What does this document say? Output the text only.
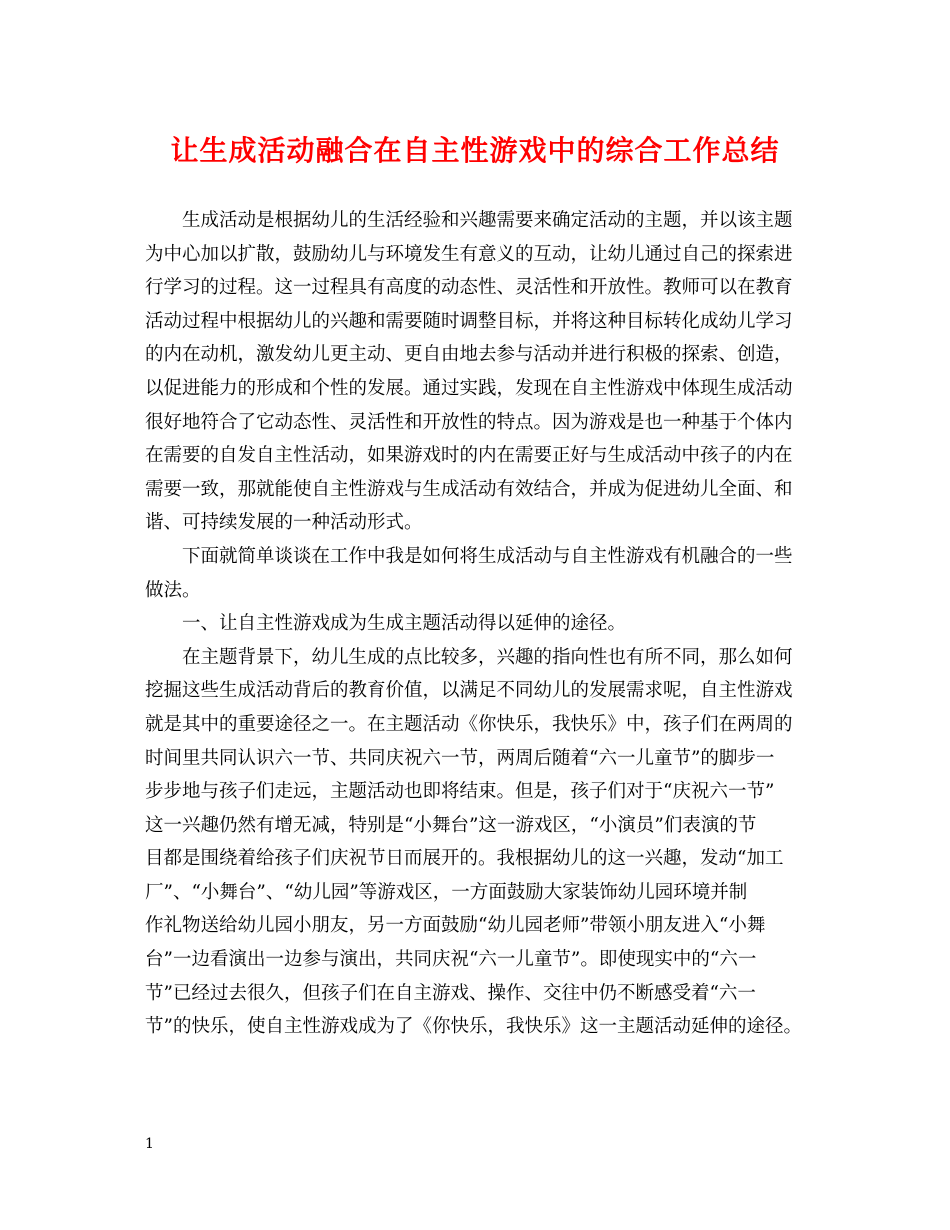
让生成活动融合在自主性游戏中的综合工作总结
生成活动是根据幼儿的生活经验和兴趣需要来确定活动的主题，并以该主题
为中心加以扩散，鼓励幼儿与环境发生有意义的互动，让幼儿通过自己的探索进
行学习的过程。这一过程具有高度的动态性、灵活性和开放性。教师可以在教育
活动过程中根据幼儿的兴趣和需要随时调整目标，并将这种目标转化成幼儿学习
的内在动机，激发幼儿更主动、更自由地去参与活动并进行积极的探索、创造，
以促进能力的形成和个性的发展。通过实践，发现在自主性游戏中体现生成活动
很好地符合了它动态性、灵活性和开放性的特点。因为游戏是也一种基于个体内
在需要的自发自主性活动，如果游戏时的内在需要正好与生成活动中孩子的内在
需要一致，那就能使自主性游戏与生成活动有效结合，并成为促进幼儿全面、和
谐、可持续发展的一种活动形式。
下面就简单谈谈在工作中我是如何将生成活动与自主性游戏有机融合的一些
做法。
一、让自主性游戏成为生成主题活动得以延伸的途径。
在主题背景下，幼儿生成的点比较多，兴趣的指向性也有所不同，那么如何
挖掘这些生成活动背后的教育价值，以满足不同幼儿的发展需求呢，自主性游戏
就是其中的重要途径之一。在主题活动《你快乐，我快乐》中，孩子们在两周的
时间里共同认识六一节、共同庆祝六一节，两周后随着“六一儿童节”的脚步一
步步地与孩子们走远，主题活动也即将结束。但是，孩子们对于“庆祝六一节”
这一兴趣仍然有增无减，特别是“小舞台”这一游戏区，“小演员”们表演的节
目都是围绕着给孩子们庆祝节日而展开的。我根据幼儿的这一兴趣，发动“加工
厂”、“小舞台”、“幼儿园”等游戏区，一方面鼓励大家装饰幼儿园环境并制
作礼物送给幼儿园小朋友，另一方面鼓励“幼儿园老师”带领小朋友进入“小舞
台”一边看演出一边参与演出，共同庆祝“六一儿童节”。即使现实中的“六一
节”已经过去很久，但孩子们在自主游戏、操作、交往中仍不断感受着“六一
节”的快乐，使自主性游戏成为了《你快乐，我快乐》这一主题活动延伸的途径。
1
